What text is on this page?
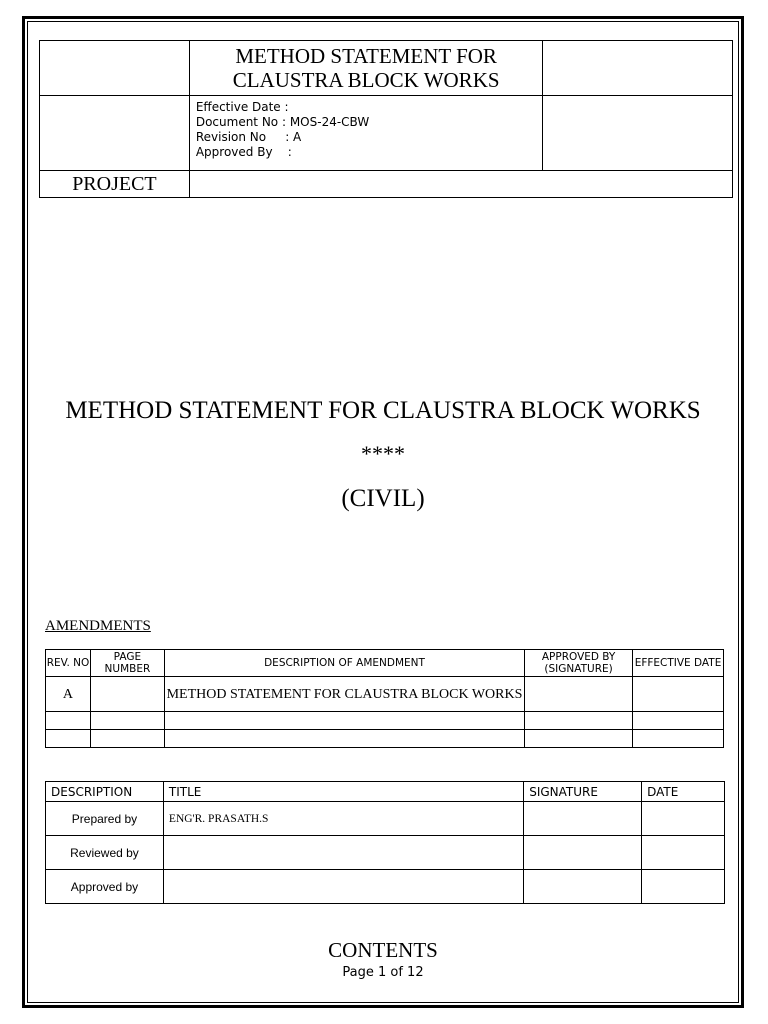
	METHOD STATEMENT FOR
CLAUSTRA BLOCK WORKS	

	Effective Date :
Document No : MOS-24-CBW
Revision No     : A
Approved By    :	

PROJECT		
METHOD STATEMENT FOR CLAUSTRA BLOCK WORKS
****
(CIVIL)
AMENDMENTS
REV. NO	PAGE NUMBER	DESCRIPTION OF AMENDMENT	APPROVED BY (SIGNATURE)	EFFECTIVE DATE
A		METHOD STATEMENT FOR CLAUSTRA BLOCK WORKS		

DESCRIPTION	TITLE	SIGNATURE	DATE
Prepared by	ENG'R. PRASATH.S		
Reviewed by			
Approved by			
CONTENTS
Page 1 of 12
